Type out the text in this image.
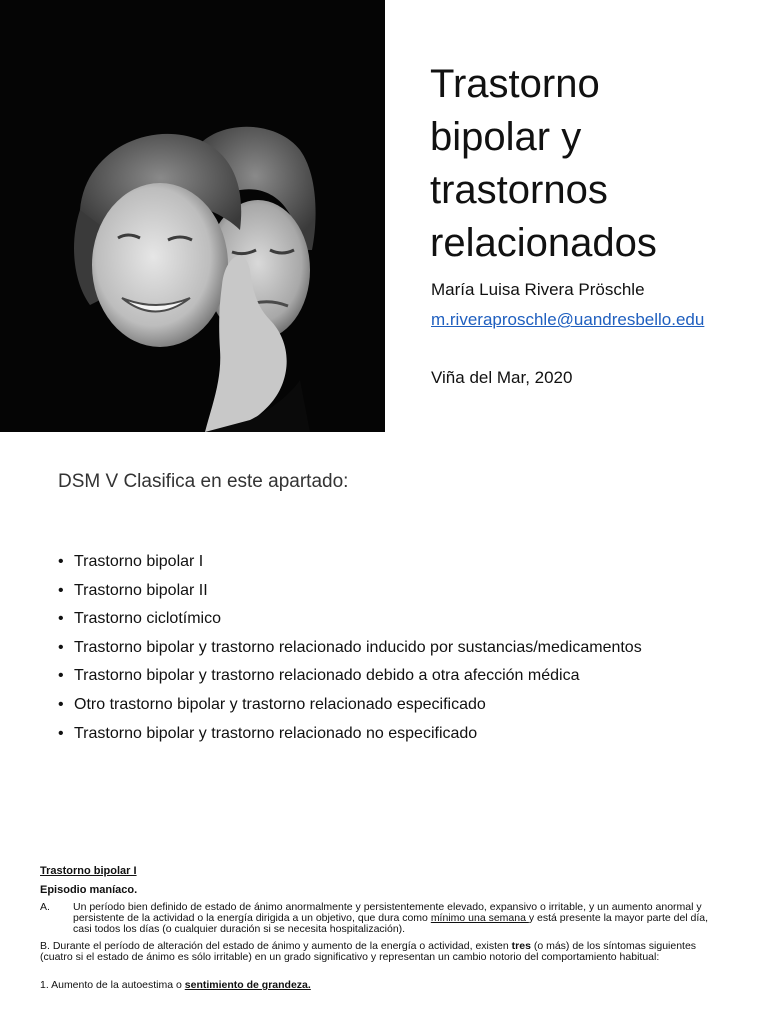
Trastorno
bipolar y
trastornos
relacionados
María Luisa Rivera Pröschle
m.riveraproschle@uandresbello.edu
Viña del Mar, 2020
DSM V Clasifica en este apartado:
• Trastorno bipolar I
• Trastorno bipolar II
• Trastorno ciclotímico
• Trastorno bipolar y trastorno relacionado inducido por sustancias/medicamentos
• Trastorno bipolar y trastorno relacionado debido a otra afección médica
• Otro trastorno bipolar y trastorno relacionado especificado
• Trastorno bipolar y trastorno relacionado no especificado
Trastorno bipolar I
Episodio maníaco.
A. Un período bien definido de estado de ánimo anormalmente y persistentemente elevado, expansivo o irritable, y un aumento anormal y persistente de la actividad o la energía dirigida a un objetivo, que dura como mínimo una semana y está presente la mayor parte del día, casi todos los días (o cualquier duración si se necesita hospitalización).
B. Durante el período de alteración del estado de ánimo y aumento de la energía o actividad, existen tres (o más) de los síntomas siguientes (cuatro si el estado de ánimo es sólo irritable) en un grado significativo y representan un cambio notorio del comportamiento habitual:
1. Aumento de la autoestima o sentimiento de grandeza.
